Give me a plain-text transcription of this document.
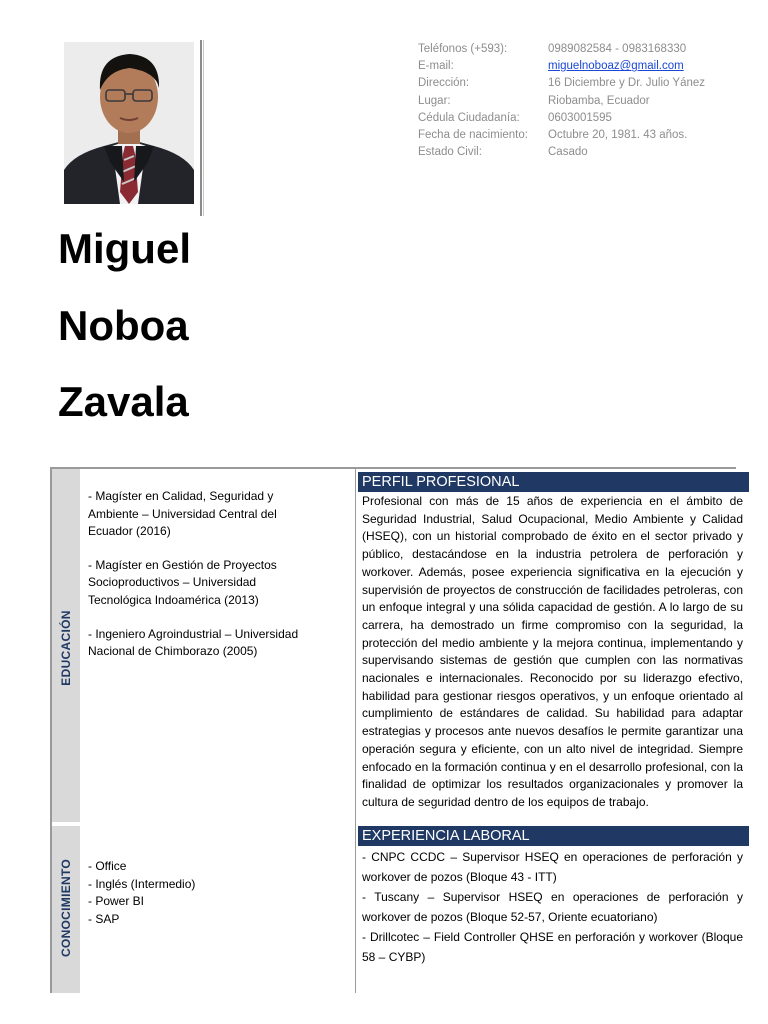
Teléfonos (+593):	0989082584 - 0983168330
E-mail:	miguelnoboaz@gmail.com
Dirección:	16 Diciembre y Dr. Julio Yánez
Lugar:	Riobamba, Ecuador
Cédula Ciudadanía:	0603001595
Fecha de nacimiento:	Octubre 20, 1981. 43 años.
Estado Civil:	Casado
Miguel
Noboa
Zavala
EDUCACIÓN
CONOCIMIENTO

- Magíster en Calidad, Seguridad y Ambiente – Universidad Central del Ecuador (2016)

- Magíster en Gestión de Proyectos Socioproductivos – Universidad Tecnológica Indoamérica (2013)

- Ingeniero Agroindustrial – Universidad Nacional de Chimborazo (2005)

- Office
- Inglés (Intermedio)
- Power BI
- SAP
PERFIL PROFESIONAL

Profesional con más de 15 años de experiencia en el ámbito de Seguridad Industrial, Salud Ocupacional, Medio Ambiente y Calidad (HSEQ), con un historial comprobado de éxito en el sector privado y público, destacándose en la industria petrolera de perforación y workover. Además, posee experiencia significativa en la ejecución y supervisión de proyectos de construcción de facilidades petroleras, con un enfoque integral y una sólida capacidad de gestión. A lo largo de su carrera, ha demostrado un firme compromiso con la seguridad, la protección del medio ambiente y la mejora continua, implementando y supervisando sistemas de gestión que cumplen con las normativas nacionales e internacionales. Reconocido por su liderazgo efectivo, habilidad para gestionar riesgos operativos, y un enfoque orientado al cumplimiento de estándares de calidad. Su habilidad para adaptar estrategias y procesos ante nuevos desafíos le permite garantizar una operación segura y eficiente, con un alto nivel de integridad. Siempre enfocado en la formación continua y en el desarrollo profesional, con la finalidad de optimizar los resultados organizacionales y promover la cultura de seguridad dentro de los equipos de trabajo.

EXPERIENCIA LABORAL

- CNPC CCDC – Supervisor HSEQ en operaciones de perforación y workover de pozos (Bloque 43 - ITT)

- Tuscany – Supervisor HSEQ en operaciones de perforación y workover de pozos (Bloque 52-57, Oriente ecuatoriano)

- Drillcotec – Field Controller QHSE en perforación y workover (Bloque 58 – CYBP)
